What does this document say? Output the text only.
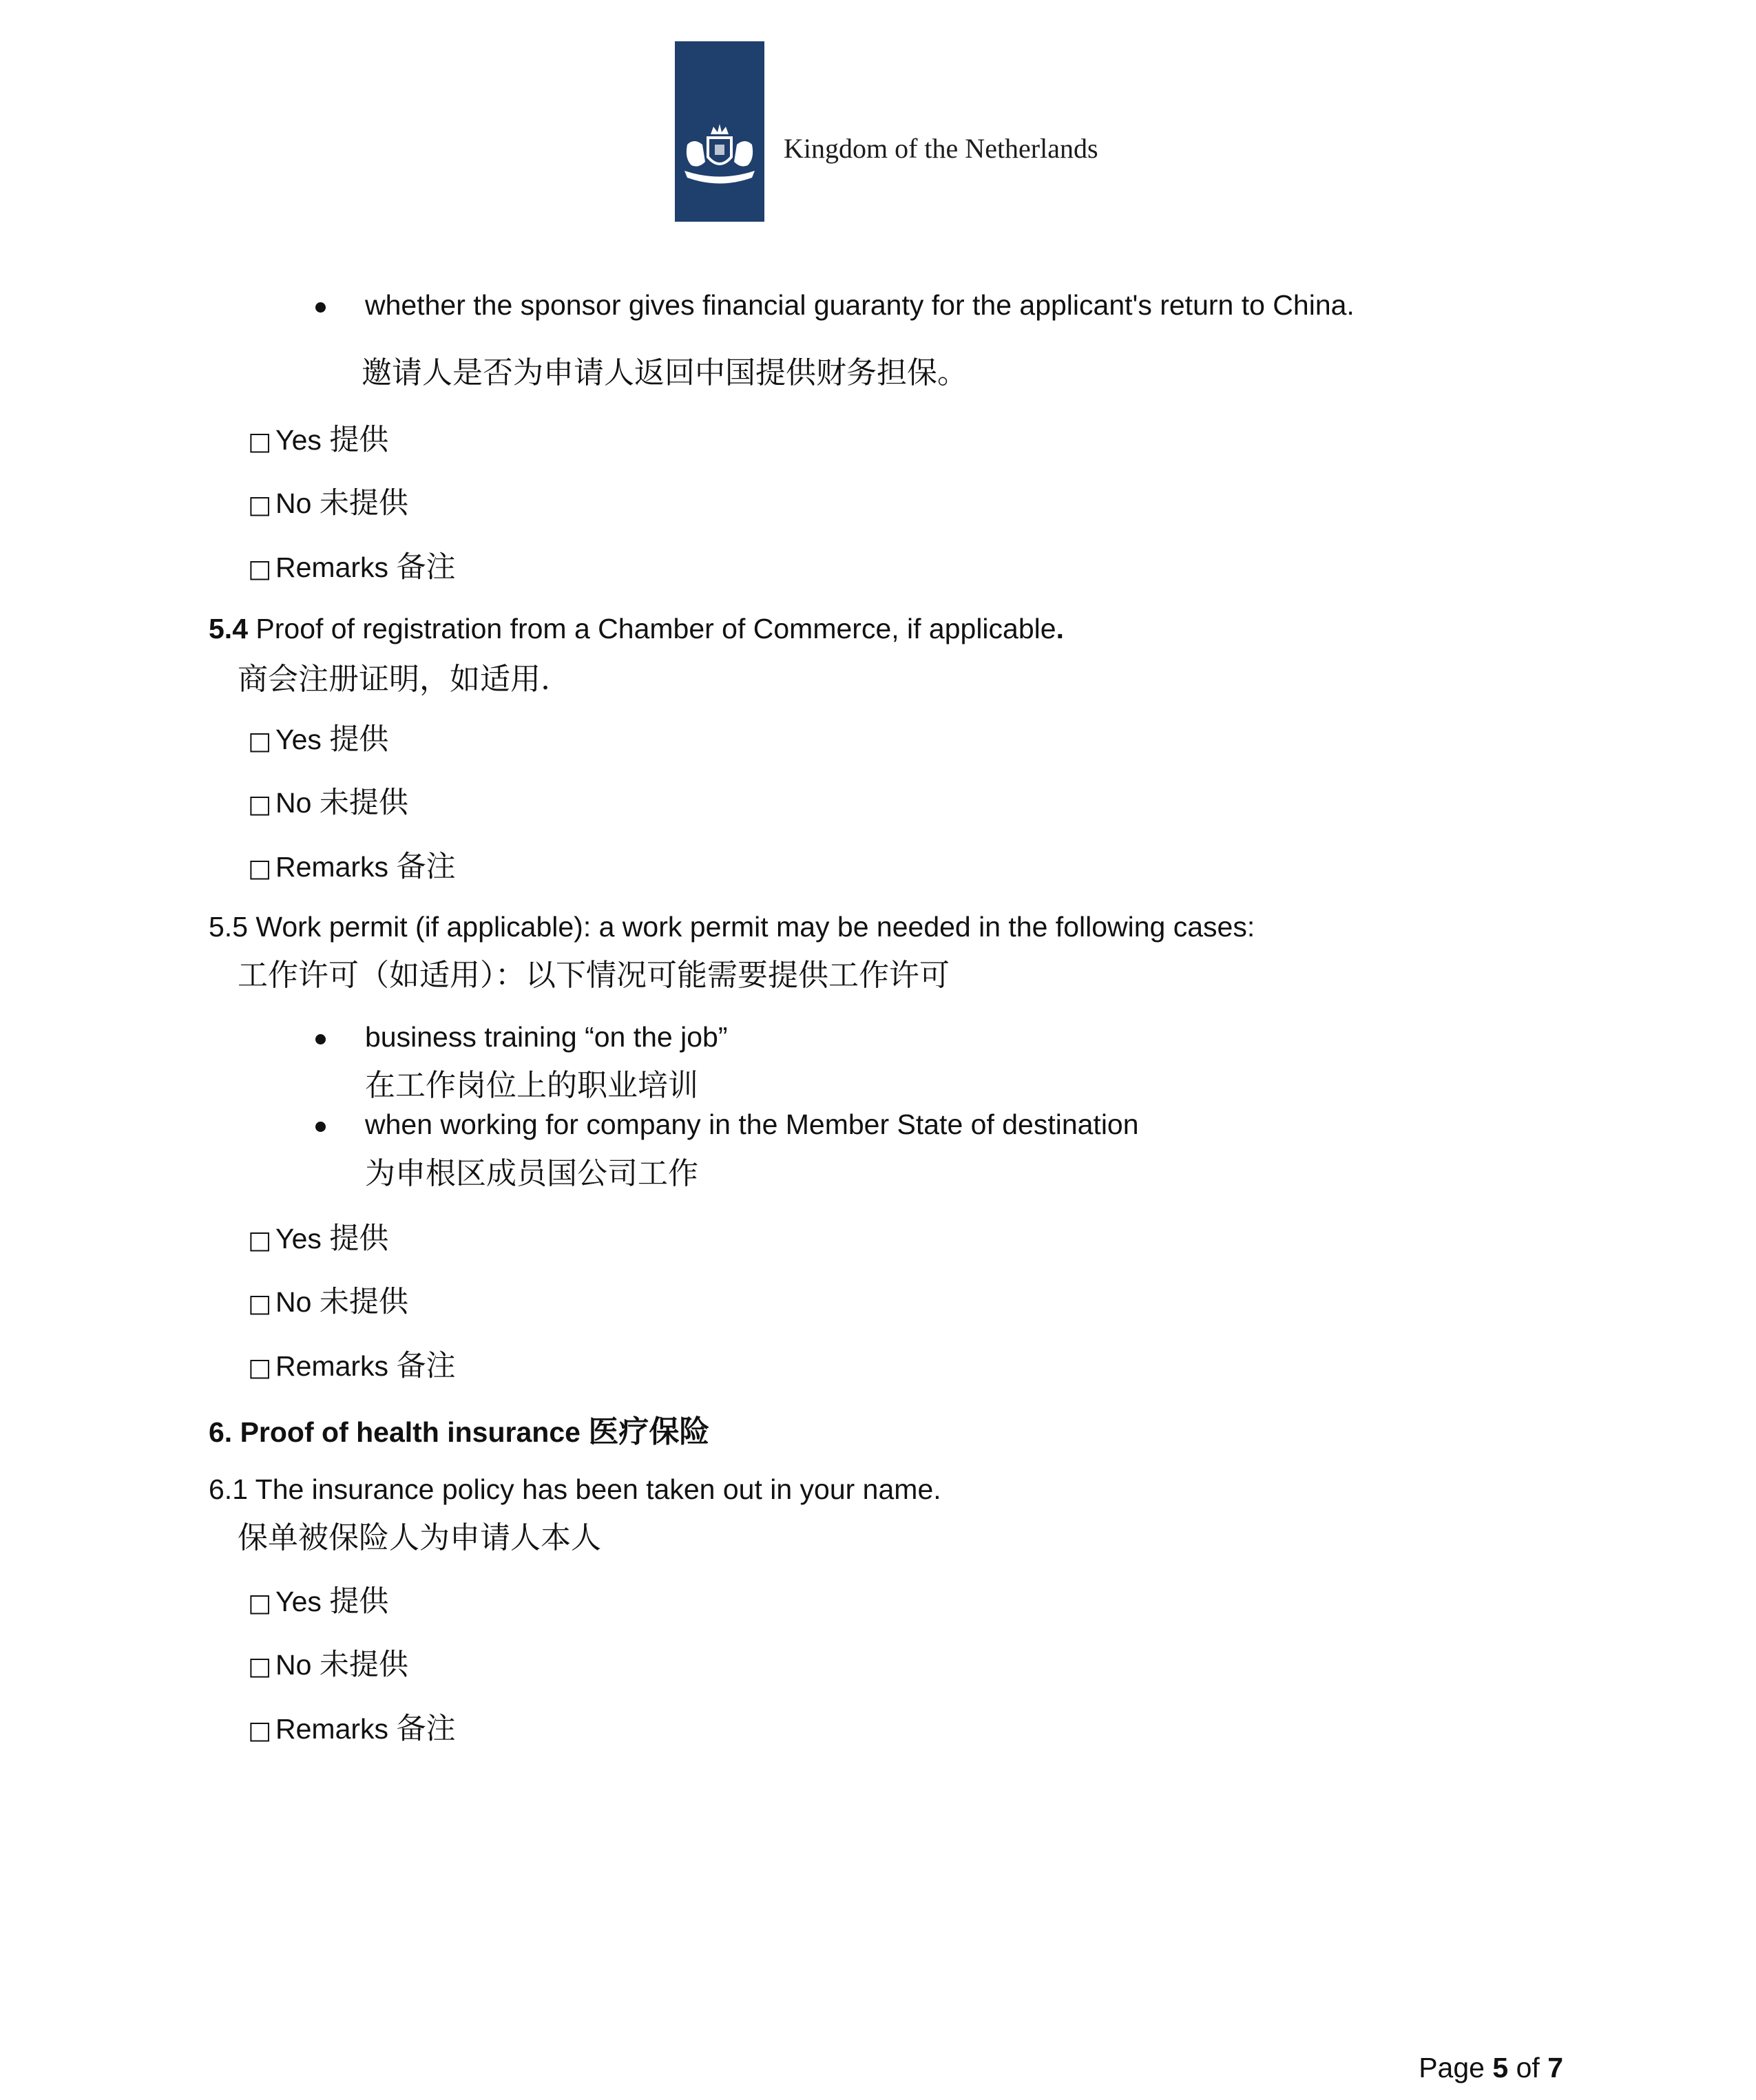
Kingdom of the Netherlands
whether the sponsor gives financial guaranty for the applicant's return to China.
邀请人是否为申请人返回中国提供财务担保。
□ Yes 提供
□ No 未提供
□ Remarks 备注
5.4 Proof of registration from a Chamber of Commerce, if applicable.
商会注册证明，如适用.
□ Yes 提供
□ No 未提供
□ Remarks 备注
5.5 Work permit (if applicable): a work permit may be needed in the following cases:
工作许可（如适用）：以下情况可能需要提供工作许可
business training “on the job”
在工作岗位上的职业培训
when working for company in the Member State of destination
为申根区成员国公司工作
□ Yes 提供
□ No 未提供
□ Remarks 备注
6. Proof of health insurance 医疗保险
6.1 The insurance policy has been taken out in your name.
保单被保险人为申请人本人
□ Yes 提供
□ No 未提供
□ Remarks 备注
Page 5 of 7
